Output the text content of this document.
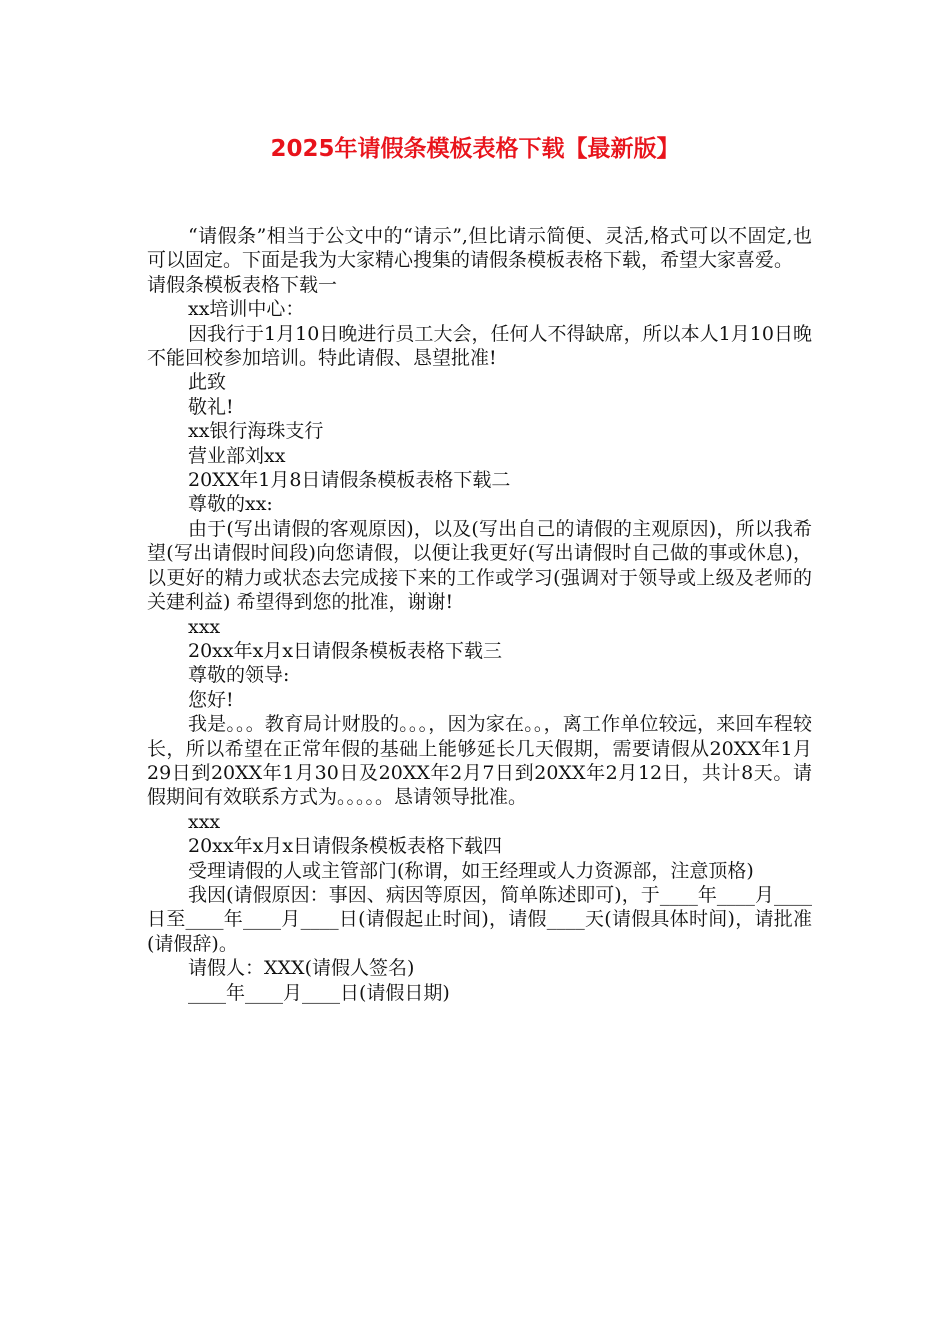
2025年请假条模板表格下载【最新版】

“请假条”相当于公文中的“请示”,但比请示简便、灵活,格式可以不固定,也可以固定。下面是我为大家精心搜集的请假条模板表格下载，希望大家喜爱。

请假条模板表格下载一

xx培训中心：

因我行于1月10日晚进行员工大会，任何人不得缺席，所以本人1月10日晚不能回校参加培训。特此请假、恳望批准!

此致

敬礼!

xx银行海珠支行

营业部刘xx

20XX年1月8日请假条模板表格下载二

尊敬的xx:

由于(写出请假的客观原因)，以及(写出自己的请假的主观原因)，所以我希望(写出请假时间段)向您请假，以便让我更好(写出请假时自己做的事或休息)，以更好的精力或状态去完成接下来的工作或学习(强调对于领导或上级及老师的关建利益) 希望得到您的批准，谢谢!

xxx

20xx年x月x日请假条模板表格下载三

尊敬的领导:

您好!

我是。。。教育局计财股的。。。，因为家在。。，离工作单位较远，来回车程较长，所以希望在正常年假的基础上能够延长几天假期，需要请假从20XX年1月29日到20XX年1月30日及20XX年2月7日到20XX年2月12日，共计8天。请假期间有效联系方式为。。。。。恳请领导批准。

xxx

20xx年x月x日请假条模板表格下载四

受理请假的人或主管部门(称谓，如王经理或人力资源部，注意顶格)

我因(请假原因：事因、病因等原因，简单陈述即可)，于____年____月____日至____年____月____日(请假起止时间)，请假____天(请假具体时间)，请批准(请假辞)。

请假人：XXX(请假人签名)

____年____月____日(请假日期)
